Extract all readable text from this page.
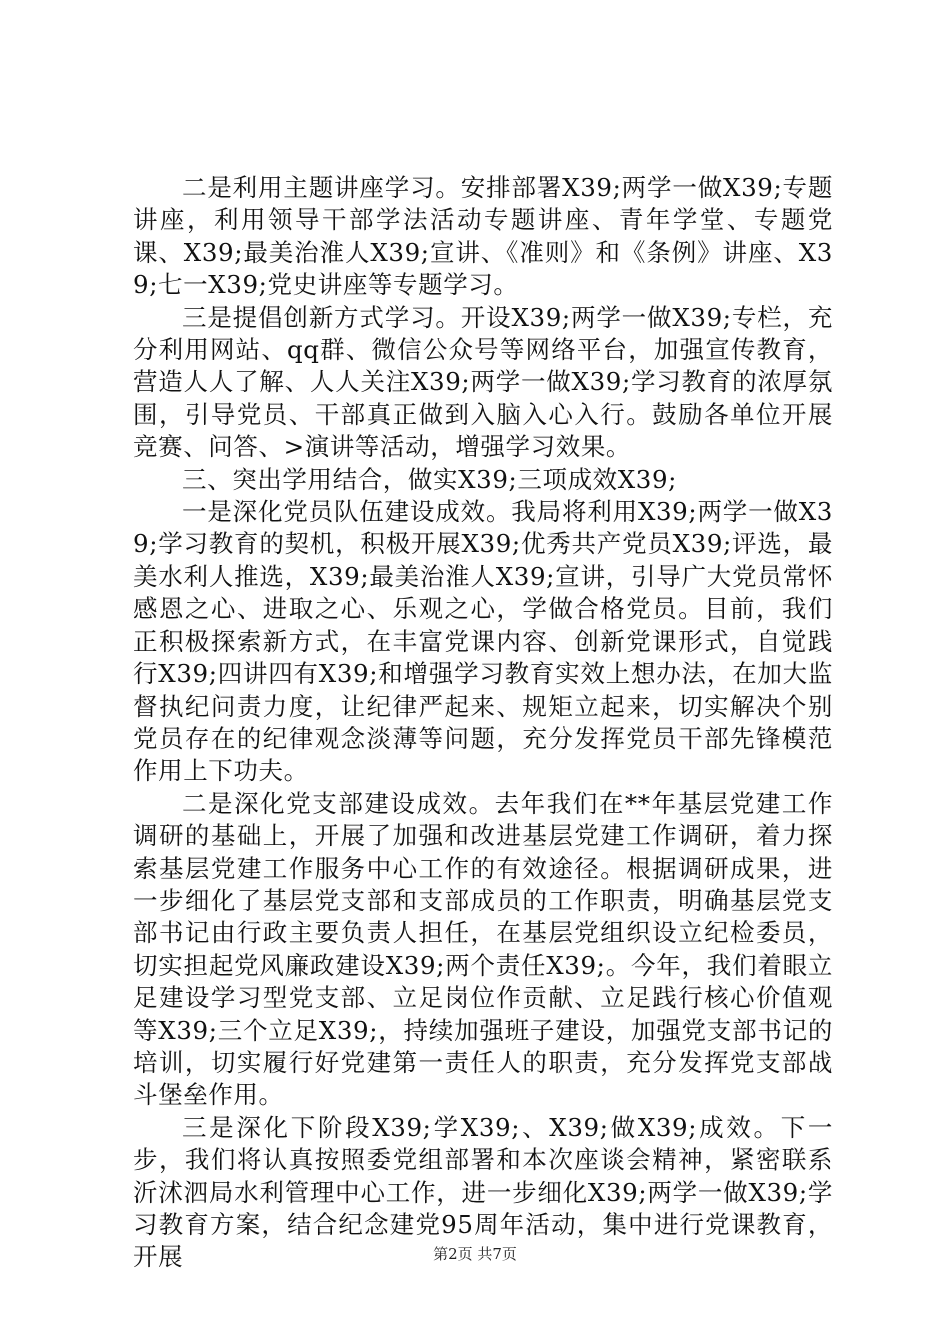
二是利用主题讲座学习。安排部署X39;两学一做X39;专题讲座，利用领导干部学法活动专题讲座、青年学堂、专题党课、X39;最美治淮人X39;宣讲、《准则》和《条例》讲座、X39;七一X39;党史讲座等专题学习。

三是提倡创新方式学习。开设X39;两学一做X39;专栏，充分利用网站、qq群、微信公众号等网络平台，加强宣传教育，营造人人了解、人人关注X39;两学一做X39;学习教育的浓厚氛围，引导党员、干部真正做到入脑入心入行。鼓励各单位开展竞赛、问答、>演讲等活动，增强学习效果。

三、突出学用结合，做实X39;三项成效X39;

一是深化党员队伍建设成效。我局将利用X39;两学一做X39;学习教育的契机，积极开展X39;优秀共产党员X39;评选，最美水利人推选，X39;最美治淮人X39;宣讲，引导广大党员常怀感恩之心、进取之心、乐观之心，学做合格党员。目前，我们正积极探索新方式，在丰富党课内容、创新党课形式，自觉践行X39;四讲四有X39;和增强学习教育实效上想办法，在加大监督执纪问责力度，让纪律严起来、规矩立起来，切实解决个别党员存在的纪律观念淡薄等问题，充分发挥党员干部先锋模范作用上下功夫。

二是深化党支部建设成效。去年我们在**年基层党建工作调研的基础上，开展了加强和改进基层党建工作调研，着力探索基层党建工作服务中心工作的有效途径。根据调研成果，进一步细化了基层党支部和支部成员的工作职责，明确基层党支部书记由行政主要负责人担任，在基层党组织设立纪检委员，切实担起党风廉政建设X39;两个责任X39;。今年，我们着眼立足建设学习型党支部、立足岗位作贡献、立足践行核心价值观等X39;三个立足X39;，持续加强班子建设，加强党支部书记的培训，切实履行好党建第一责任人的职责，充分发挥党支部战斗堡垒作用。

三是深化下阶段X39;学X39;、X39;做X39;成效。下一步，我们将认真按照委党组部署和本次座谈会精神，紧密联系沂沭泗局水利管理中心工作，进一步细化X39;两学一做X39;学习教育方案，结合纪念建党95周年活动，集中进行党课教育，开展	第2页 共7页
